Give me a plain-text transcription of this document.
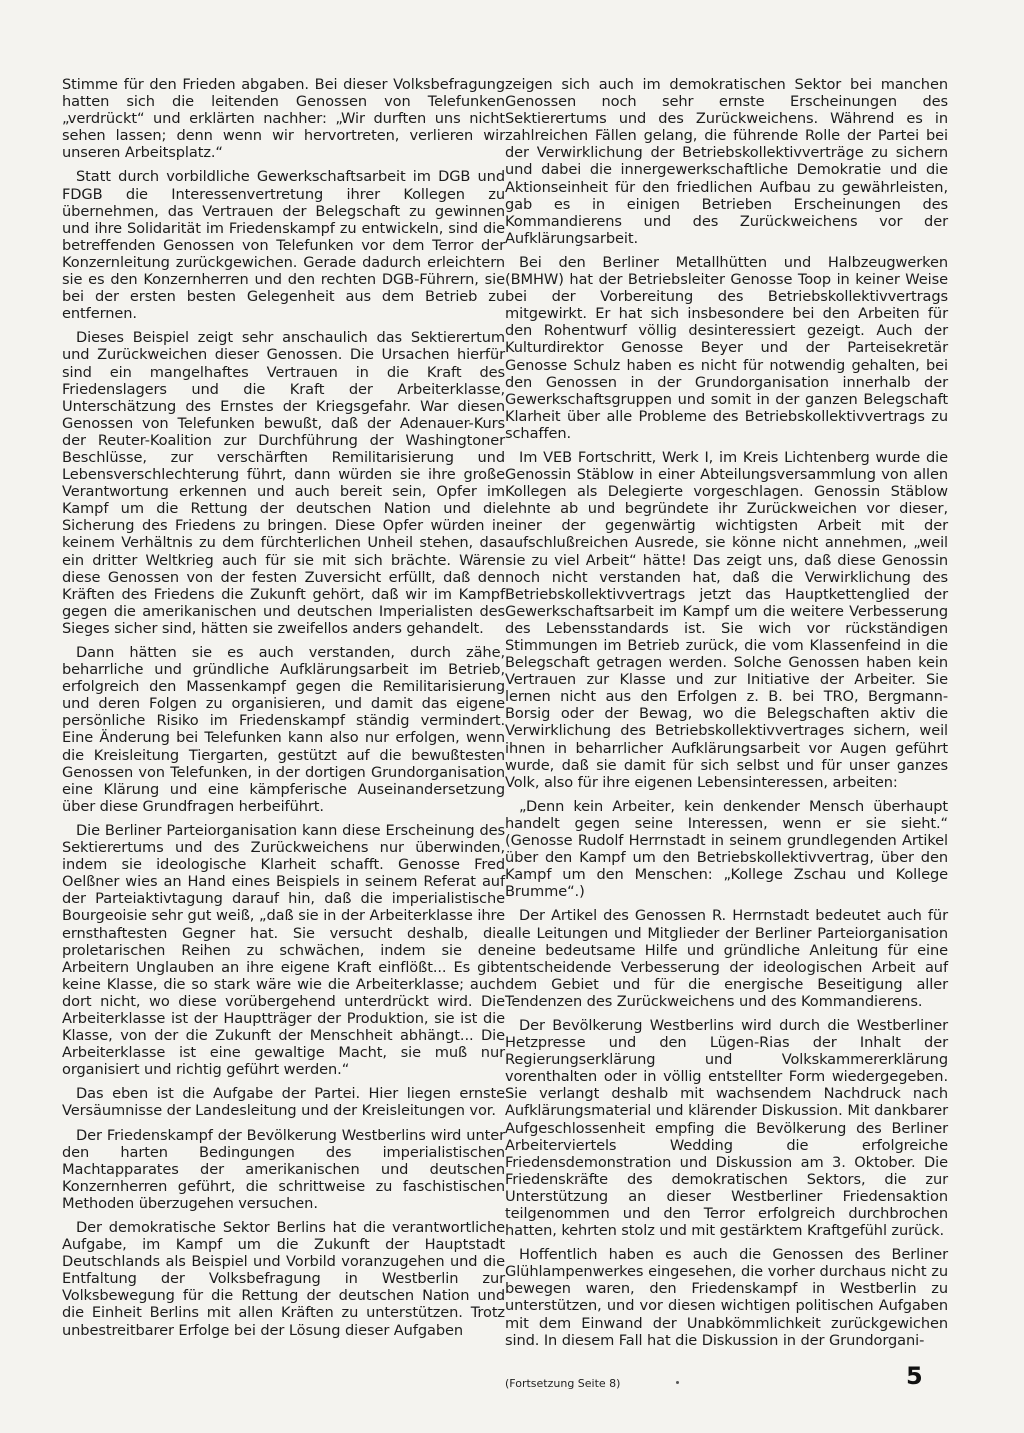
Stimme für den Frieden abgaben. Bei dieser Volksbefragung hatten sich die leitenden Genossen von Telefunken „verdrückt“ und erklärten nachher: „Wir durften uns nicht sehen lassen; denn wenn wir hervortreten, verlieren wir unseren Arbeitsplatz.“

Statt durch vorbildliche Gewerkschaftsarbeit im DGB und FDGB die Interessenvertretung ihrer Kollegen zu übernehmen, das Vertrauen der Belegschaft zu gewinnen und ihre Solidarität im Friedenskampf zu entwickeln, sind die betreffenden Genossen von Telefunken vor dem Terror der Konzernleitung zurückgewichen. Gerade dadurch erleichtern sie es den Konzernherren und den rechten DGB-Führern, sie bei der ersten besten Gelegenheit aus dem Betrieb zu entfernen.

Dieses Beispiel zeigt sehr anschaulich das Sektierertum und Zurückweichen dieser Genossen. Die Ursachen hierfür sind ein mangelhaftes Vertrauen in die Kraft des Friedenslagers und die Kraft der Arbeiterklasse, Unterschätzung des Ernstes der Kriegsgefahr. War diesen Genossen von Telefunken bewußt, daß der Adenauer-Kurs der Reuter-Koalition zur Durchführung der Washingtoner Beschlüsse, zur verschärften Remilitarisierung und Lebensverschlechterung führt, dann würden sie ihre große Verantwortung erkennen und auch bereit sein, Opfer im Kampf um die Rettung der deutschen Nation und die Sicherung des Friedens zu bringen. Diese Opfer würden in keinem Verhältnis zu dem fürchterlichen Unheil stehen, das ein dritter Weltkrieg auch für sie mit sich brächte. Wären diese Genossen von der festen Zuversicht erfüllt, daß den Kräften des Friedens die Zukunft gehört, daß wir im Kampf gegen die amerikanischen und deutschen Imperialisten des Sieges sicher sind, hätten sie zweifellos anders gehandelt.

Dann hätten sie es auch verstanden, durch zähe, beharrliche und gründliche Aufklärungsarbeit im Betrieb, erfolgreich den Massenkampf gegen die Remilitarisierung und deren Folgen zu organisieren, und damit das eigene persönliche Risiko im Friedenskampf ständig vermindert. Eine Änderung bei Telefunken kann also nur erfolgen, wenn die Kreisleitung Tiergarten, gestützt auf die bewußtesten Genossen von Telefunken, in der dortigen Grundorganisation eine Klärung und eine kämpferische Auseinandersetzung über diese Grundfragen herbeiführt.

Die Berliner Parteiorganisation kann diese Erscheinung des Sektierertums und des Zurückweichens nur überwinden, indem sie ideologische Klarheit schafft. Genosse Fred Oelßner wies an Hand eines Beispiels in seinem Referat auf der Parteiaktivtagung darauf hin, daß die imperialistische Bourgeoisie sehr gut weiß, „daß sie in der Arbeiterklasse ihre ernsthaftesten Gegner hat. Sie versucht deshalb, die proletarischen Reihen zu schwächen, indem sie den Arbeitern Unglauben an ihre eigene Kraft einflößt... Es gibt keine Klasse, die so stark wäre wie die Arbeiterklasse; auch dort nicht, wo diese vorübergehend unterdrückt wird. Die Arbeiterklasse ist der Hauptträger der Produktion, sie ist die Klasse, von der die Zukunft der Menschheit abhängt... Die Arbeiterklasse ist eine gewaltige Macht, sie muß nur organisiert und richtig geführt werden.“

Das eben ist die Aufgabe der Partei. Hier liegen ernste Versäumnisse der Landesleitung und der Kreisleitungen vor.

Der Friedenskampf der Bevölkerung Westberlins wird unter den harten Bedingungen des imperialistischen Machtapparates der amerikanischen und deutschen Konzernherren geführt, die schrittweise zu faschistischen Methoden überzugehen versuchen.

Der demokratische Sektor Berlins hat die verantwortliche Aufgabe, im Kampf um die Zukunft der Hauptstadt Deutschlands als Beispiel und Vorbild voranzugehen und die Entfaltung der Volksbefragung in Westberlin zur Volksbewegung für die Rettung der deutschen Nation und die Einheit Berlins mit allen Kräften zu unterstützen. Trotz unbestreitbarer Erfolge bei der Lösung dieser Aufgaben

zeigen sich auch im demokratischen Sektor bei manchen Genossen noch sehr ernste Erscheinungen des Sektierertums und des Zurückweichens. Während es in zahlreichen Fällen gelang, die führende Rolle der Partei bei der Verwirklichung der Betriebskollektivverträge zu sichern und dabei die innergewerkschaftliche Demokratie und die Aktionseinheit für den friedlichen Aufbau zu gewährleisten, gab es in einigen Betrieben Erscheinungen des Kommandierens und des Zurückweichens vor der Aufklärungsarbeit.

Bei den Berliner Metallhütten und Halbzeugwerken (BMHW) hat der Betriebsleiter Genosse Toop in keiner Weise bei der Vorbereitung des Betriebskollektivvertrags mitgewirkt. Er hat sich insbesondere bei den Arbeiten für den Rohentwurf völlig desinteressiert gezeigt. Auch der Kulturdirektor Genosse Beyer und der Parteisekretär Genosse Schulz haben es nicht für notwendig gehalten, bei den Genossen in der Grundorganisation innerhalb der Gewerkschaftsgruppen und somit in der ganzen Belegschaft Klarheit über alle Probleme des Betriebskollektivvertrags zu schaffen.

Im VEB Fortschritt, Werk I, im Kreis Lichtenberg wurde die Genossin Stäblow in einer Abteilungsversammlung von allen Kollegen als Delegierte vorgeschlagen. Genossin Stäblow lehnte ab und begründete ihr Zurückweichen vor dieser, einer der gegenwärtig wichtigsten Arbeit mit der aufschlußreichen Ausrede, sie könne nicht annehmen, „weil sie zu viel Arbeit“ hätte! Das zeigt uns, daß diese Genossin noch nicht verstanden hat, daß die Verwirklichung des Betriebskollektivvertrags jetzt das Hauptkettenglied der Gewerkschaftsarbeit im Kampf um die weitere Verbesserung des Lebensstandards ist. Sie wich vor rückständigen Stimmungen im Betrieb zurück, die vom Klassenfeind in die Belegschaft getragen werden. Solche Genossen haben kein Vertrauen zur Klasse und zur Initiative der Arbeiter. Sie lernen nicht aus den Erfolgen z. B. bei TRO, Bergmann-Borsig oder der Bewag, wo die Belegschaften aktiv die Verwirklichung des Betriebskollektivvertrages sichern, weil ihnen in beharrlicher Aufklärungsarbeit vor Augen geführt wurde, daß sie damit für sich selbst und für unser ganzes Volk, also für ihre eigenen Lebensinteressen, arbeiten:

„Denn kein Arbeiter, kein denkender Mensch überhaupt handelt gegen seine Interessen, wenn er sie sieht.“ (Genosse Rudolf Herrnstadt in seinem grundlegenden Artikel über den Kampf um den Betriebskollektivvertrag, über den Kampf um den Menschen: „Kollege Zschau und Kollege Brumme“.)

Der Artikel des Genossen R. Herrnstadt bedeutet auch für alle Leitungen und Mitglieder der Berliner Parteiorganisation eine bedeutsame Hilfe und gründliche Anleitung für eine entscheidende Verbesserung der ideologischen Arbeit auf dem Gebiet und für die energische Beseitigung aller Tendenzen des Zurückweichens und des Kommandierens.

Der Bevölkerung Westberlins wird durch die Westberliner Hetzpresse und den Lügen-Rias der Inhalt der Regierungserklärung und Volkskammererklärung vorenthalten oder in völlig entstellter Form wiedergegeben. Sie verlangt deshalb mit wachsendem Nachdruck nach Aufklärungsmaterial und klärender Diskussion. Mit dankbarer Aufgeschlossenheit empfing die Bevölkerung des Berliner Arbeiterviertels Wedding die erfolgreiche Friedensdemonstration und Diskussion am 3. Oktober. Die Friedenskräfte des demokratischen Sektors, die zur Unterstützung an dieser Westberliner Friedensaktion teilgenommen und den Terror erfolgreich durchbrochen hatten, kehrten stolz und mit gestärktem Kraftgefühl zurück.

Hoffentlich haben es auch die Genossen des Berliner Glühlampenwerkes eingesehen, die vorher durchaus nicht zu bewegen waren, den Friedenskampf in Westberlin zu unterstützen, und vor diesen wichtigen politischen Aufgaben mit dem Einwand der Unabkömmlichkeit zurückgewichen sind. In diesem Fall hat die Diskussion in der Grundorgani-

(Fortsetzung Seite 8)	5
